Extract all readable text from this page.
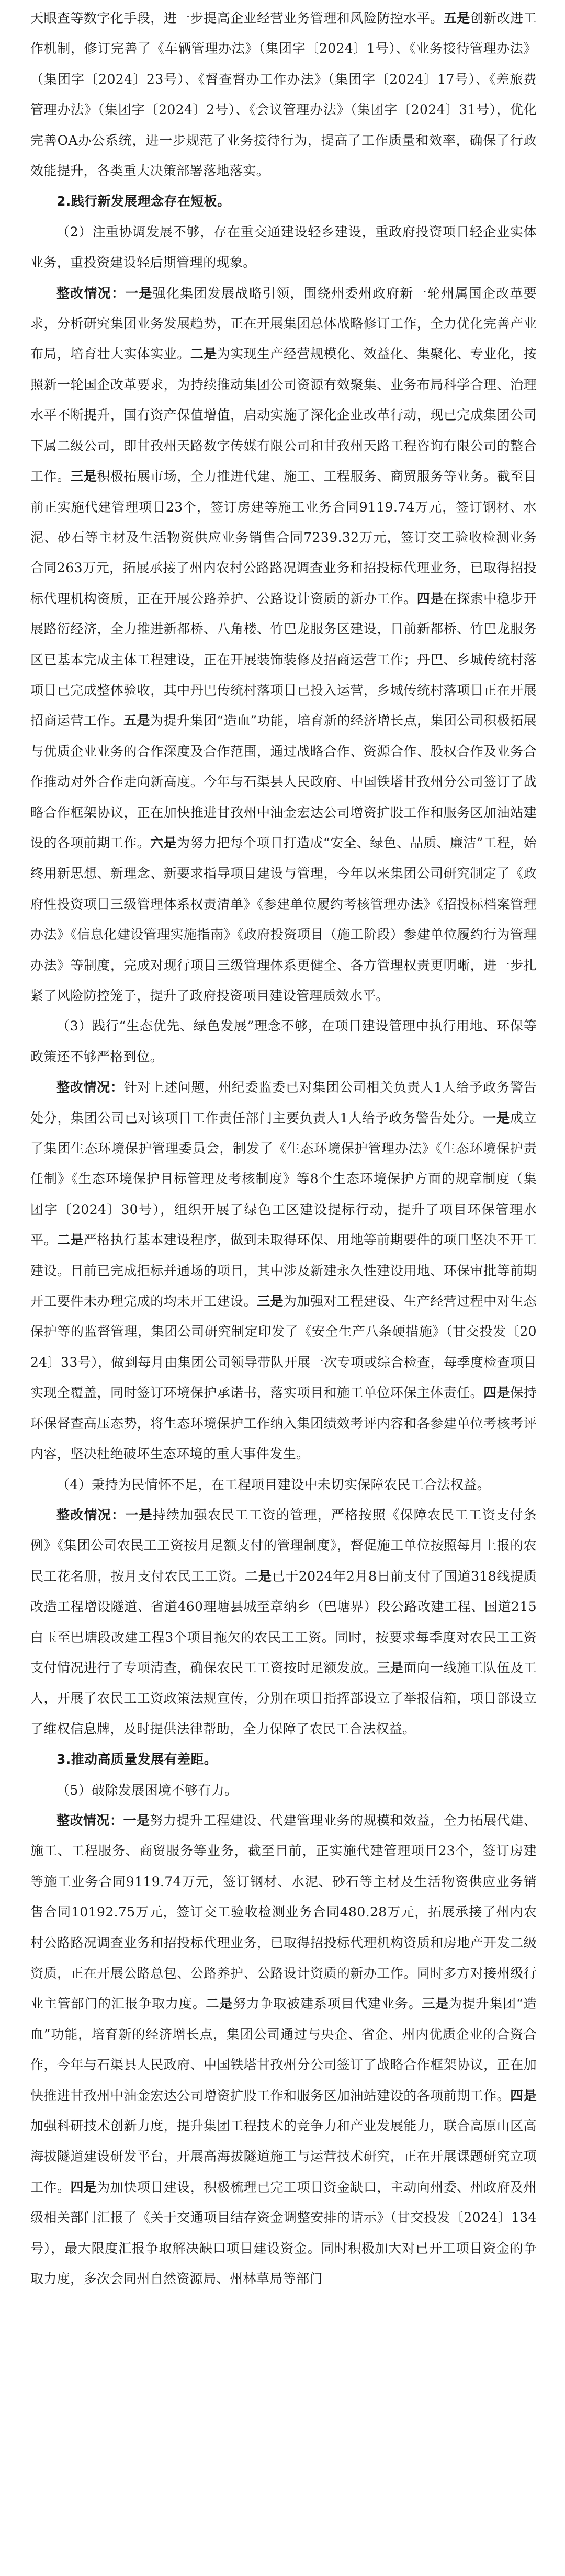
天眼查等数字化手段，进一步提高企业经营业务管理和风险防控水平。五是创新改进工作机制，修订完善了《车辆管理办法》（集团字〔2024〕1号）、《业务接待管理办法》（集团字〔2024〕23号）、《督查督办工作办法》（集团字〔2024〕17号）、《差旅费管理办法》（集团字〔2024〕2号）、《会议管理办法》（集团字〔2024〕31号），优化完善OA办公系统，进一步规范了业务接待行为，提高了工作质量和效率，确保了行政效能提升，各类重大决策部署落地落实。

2.践行新发展理念存在短板。

（2）注重协调发展不够，存在重交通建设轻乡建设，重政府投资项目轻企业实体业务，重投资建设轻后期管理的现象。

整改情况：一是强化集团发展战略引领，围绕州委州政府新一轮州属国企改革要求，分析研究集团业务发展趋势，正在开展集团总体战略修订工作，全力优化完善产业布局，培育壮大实体实业。二是为实现生产经营规模化、效益化、集聚化、专业化，按照新一轮国企改革要求，为持续推动集团公司资源有效聚集、业务布局科学合理、治理水平不断提升，国有资产保值增值，启动实施了深化企业改革行动，现已完成集团公司下属二级公司，即甘孜州天路数字传媒有限公司和甘孜州天路工程咨询有限公司的整合工作。三是积极拓展市场，全力推进代建、施工、工程服务、商贸服务等业务。截至目前正实施代建管理项目23个，签订房建等施工业务合同9119.74万元，签订钢材、水泥、砂石等主材及生活物资供应业务销售合同7239.32万元，签订交工验收检测业务合同263万元，拓展承接了州内农村公路路况调查业务和招投标代理业务，已取得招投标代理机构资质，正在开展公路养护、公路设计资质的新办工作。四是在探索中稳步开展路衍经济，全力推进新都桥、八角楼、竹巴龙服务区建设，目前新都桥、竹巴龙服务区已基本完成主体工程建设，正在开展装饰装修及招商运营工作；丹巴、乡城传统村落项目已完成整体验收，其中丹巴传统村落项目已投入运营，乡城传统村落项目正在开展招商运营工作。五是为提升集团“造血”功能，培育新的经济增长点，集团公司积极拓展与优质企业业务的合作深度及合作范围，通过战略合作、资源合作、股权合作及业务合作推动对外合作走向新高度。今年与石渠县人民政府、中国铁塔甘孜州分公司签订了战略合作框架协议，正在加快推进甘孜州中油金宏达公司增资扩股工作和服务区加油站建设的各项前期工作。六是为努力把每个项目打造成“安全、绿色、品质、廉洁”工程，始终用新思想、新理念、新要求指导项目建设与管理，今年以来集团公司研究制定了《政府性投资项目三级管理体系权责清单》《参建单位履约考核管理办法》《招投标档案管理办法》《信息化建设管理实施指南》《政府投资项目（施工阶段）参建单位履约行为管理办法》等制度，完成对现行项目三级管理体系更健全、各方管理权责更明晰，进一步扎紧了风险防控笼子，提升了政府投资项目建设管理质效水平。

（3）践行“生态优先、绿色发展”理念不够，在项目建设管理中执行用地、环保等政策还不够严格到位。

整改情况：针对上述问题，州纪委监委已对集团公司相关负责人1人给予政务警告处分，集团公司已对该项目工作责任部门主要负责人1人给予政务警告处分。一是成立了集团生态环境保护管理委员会，制发了《生态环境保护管理办法》《生态环境保护责任制》《生态环境保护目标管理及考核制度》等8个生态环境保护方面的规章制度（集团字〔2024〕30号），组织开展了绿色工区建设提标行动，提升了项目环保管理水平。二是严格执行基本建设程序，做到未取得环保、用地等前期要件的项目坚决不开工建设。目前已完成拒标并通场的项目，其中涉及新建永久性建设用地、环保审批等前期开工要件未办理完成的均未开工建设。三是为加强对工程建设、生产经营过程中对生态保护等的监督管理，集团公司研究制定印发了《安全生产八条硬措施》（甘交投发〔2024〕33号），做到每月由集团公司领导带队开展一次专项或综合检查，每季度检查项目实现全覆盖，同时签订环境保护承诺书，落实项目和施工单位环保主体责任。四是保持环保督查高压态势，将生态环境保护工作纳入集团绩效考评内容和各参建单位考核考评内容，坚决杜绝破坏生态环境的重大事件发生。

（4）秉持为民情怀不足，在工程项目建设中未切实保障农民工合法权益。

整改情况：一是持续加强农民工工资的管理，严格按照《保障农民工工资支付条例》《集团公司农民工工资按月足额支付的管理制度》，督促施工单位按照每月上报的农民工花名册，按月支付农民工工资。二是已于2024年2月8日前支付了国道318线提质改造工程增设隧道、省道460理塘县城至章纳乡（巴塘界）段公路改建工程、国道215白玉至巴塘段改建工程3个项目拖欠的农民工工资。同时，按要求每季度对农民工工资支付情况进行了专项清查，确保农民工工资按时足额发放。三是面向一线施工队伍及工人，开展了农民工工资政策法规宣传，分别在项目指挥部设立了举报信箱，项目部设立了维权信息牌，及时提供法律帮助，全力保障了农民工合法权益。

3.推动高质量发展有差距。

（5）破除发展困境不够有力。

整改情况：一是努力提升工程建设、代建管理业务的规模和效益，全力拓展代建、施工、工程服务、商贸服务等业务，截至目前，正实施代建管理项目23个，签订房建等施工业务合同9119.74万元，签订钢材、水泥、砂石等主材及生活物资供应业务销售合同10192.75万元，签订交工验收检测业务合同480.28万元，拓展承接了州内农村公路路况调查业务和招投标代理业务，已取得招投标代理机构资质和房地产开发二级资质，正在开展公路总包、公路养护、公路设计资质的新办工作。同时多方对接州级行业主管部门的汇报争取力度。二是努力争取被建系项目代建业务。三是为提升集团“造血”功能，培育新的经济增长点，集团公司通过与央企、省企、州内优质企业的合资合作，今年与石渠县人民政府、中国铁塔甘孜州分公司签订了战略合作框架协议，正在加快推进甘孜州中油金宏达公司增资扩股工作和服务区加油站建设的各项前期工作。四是加强科研技术创新力度，提升集团工程技术的竞争力和产业发展能力，联合高原山区高海拔隧道建设研发平台，开展高海拔隧道施工与运营技术研究，正在开展课题研究立项工作。四是为加快项目建设，积极梳理已完工项目资金缺口，主动向州委、州政府及州级相关部门汇报了《关于交通项目结存资金调整安排的请示》（甘交投发〔2024〕134号），最大限度汇报争取解决缺口项目建设资金。同时积极加大对已开工项目资金的争取力度，多次会同州自然资源局、州林草局等部门
